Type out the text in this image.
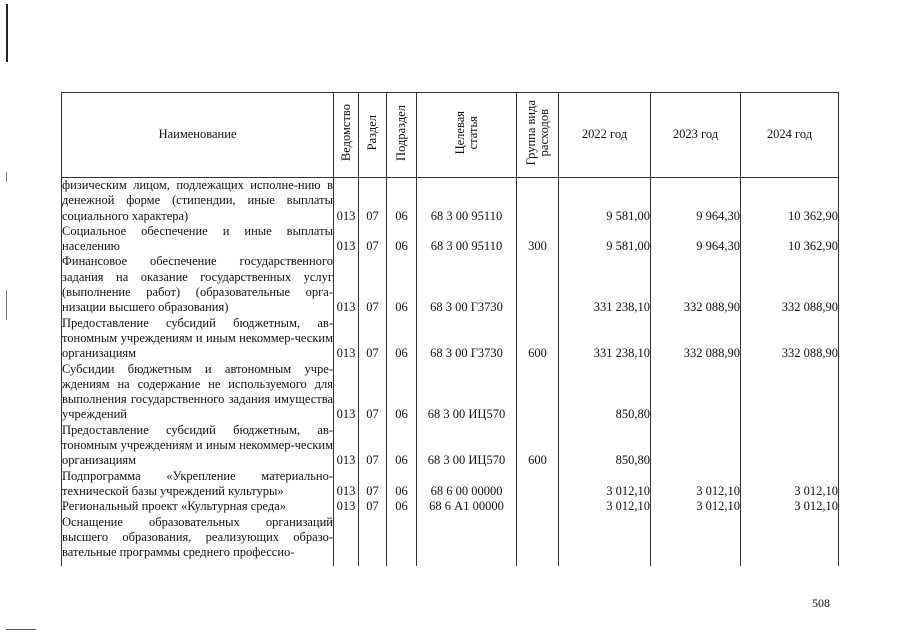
Наименование	Ведомство	Раздел	Подраздел	Целевая
статья	Группа вида
расходов	2022 год	2023 год	2024 год
физическим лицом, подлежащих исполне-нию в денежной форме (стипендии, иные выплаты социального характера)	013	07	06	68 3 00 95110		9 581,00	9 964,30	10 362,90
Социальное обеспечение и иные выплаты населению	013	07	06	68 3 00 95110	300	9 581,00	9 964,30	10 362,90
Финансовое обеспечение государственного задания на оказание государственных услуг (выполнение работ) (образовательные орга-низации высшего образования)	013	07	06	68 3 00 Г3730		331 238,10	332 088,90	332 088,90
Предоставление субсидий бюджетным, ав-тономным учреждениям и иным некоммер-ческим организациям	013	07	06	68 3 00 Г3730	600	331 238,10	332 088,90	332 088,90
Субсидии бюджетным и автономным учре-ждениям на содержание не используемого для выполнения государственного задания имущества учреждений	013	07	06	68 3 00 ИЦ570		850,80		
Предоставление субсидий бюджетным, ав-тономным учреждениям и иным некоммер-ческим организациям	013	07	06	68 3 00 ИЦ570	600	850,80		
Подпрограмма «Укрепление материально-технической базы учреждений культуры»	013	07	06	68 6 00 00000		3 012,10	3 012,10	3 012,10
Региональный проект «Культурная среда»	013	07	06	68 6 А1 00000		3 012,10	3 012,10	3 012,10
Оснащение образовательных организаций высшего образования, реализующих образо-вательные программы среднего профессио-								

508
